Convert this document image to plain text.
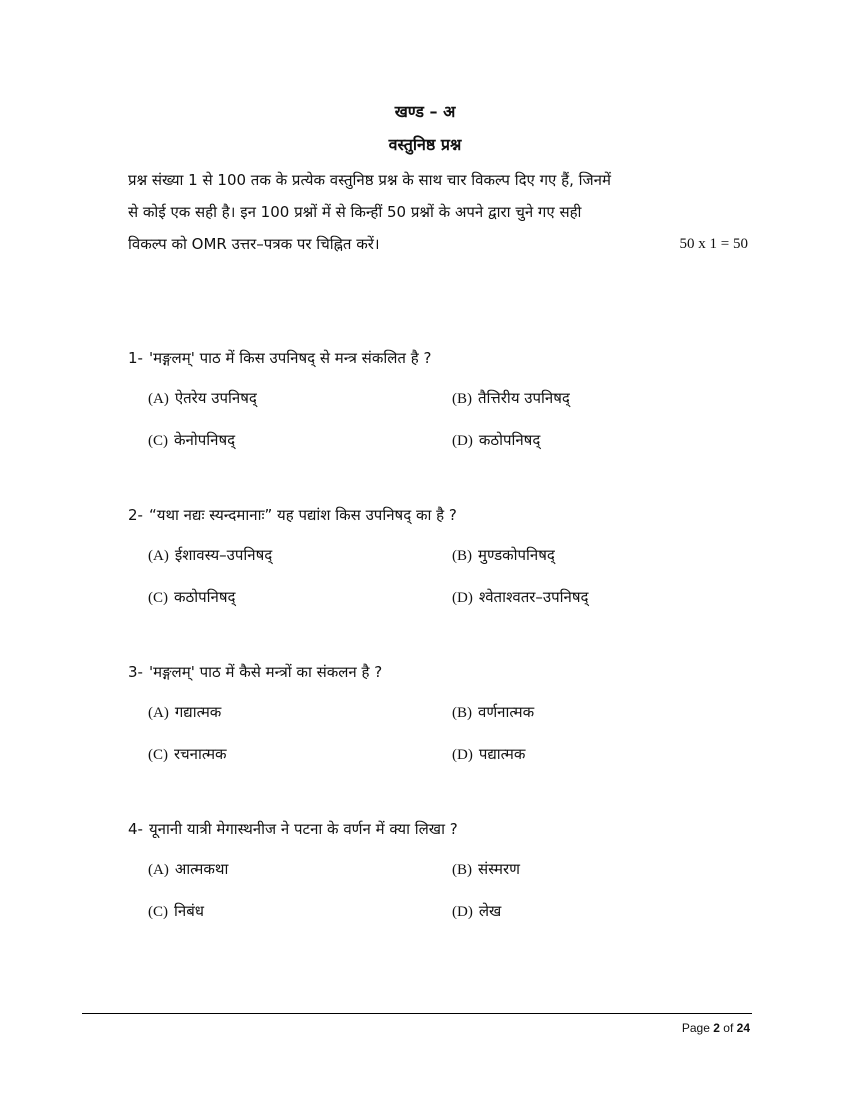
खण्ड – अ
वस्तुनिष्ठ प्रश्न
प्रश्न संख्या 1 से 100 तक के प्रत्येक वस्तुनिष्ठ प्रश्न के साथ चार विकल्प दिए गए हैं, जिनमें
से कोई एक सही है। इन 100 प्रश्नों में से किन्हीं 50 प्रश्नों के अपने द्वारा चुने गए सही
विकल्प को OMR उत्तर–पत्रक पर चिह्नित करें।	50 x 1 = 50
1- 'मङ्गलम्' पाठ में किस उपनिषद् से मन्त्र संकलित है ?
(A) ऐतरेय उपनिषद्	(B) तैत्तिरीय उपनिषद्
(C) केनोपनिषद्	(D) कठोपनिषद्
2- “यथा नद्यः स्यन्दमानाः” यह पद्यांश किस उपनिषद् का है ?
(A) ईशावस्य–उपनिषद्	(B) मुण्डकोपनिषद्
(C) कठोपनिषद्	(D) श्वेताश्वतर–उपनिषद्
3- 'मङ्गलम्' पाठ में कैसे मन्त्रों का संकलन है ?
(A) गद्यात्मक	(B) वर्णनात्मक
(C) रचनात्मक	(D) पद्यात्मक
4- यूनानी यात्री मेगास्थनीज ने पटना के वर्णन में क्या लिखा ?
(A) आत्मकथा	(B) संस्मरण
(C) निबंध	(D) लेख
Page 2 of 24
